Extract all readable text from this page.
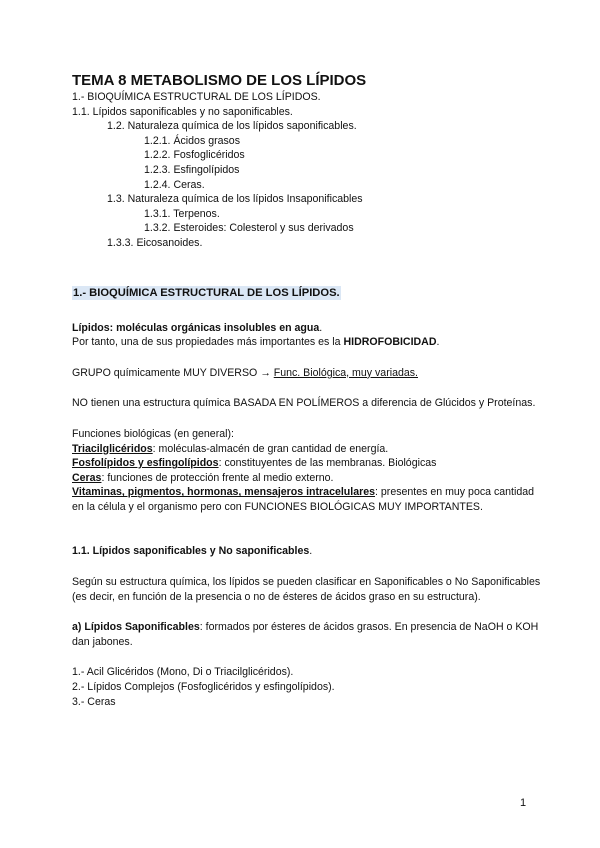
TEMA 8 METABOLISMO DE LOS LÍPIDOS
1.- BIOQUÍMICA ESTRUCTURAL DE LOS LÍPIDOS.
1.1. Lípidos saponificables y no saponificables.
1.2. Naturaleza química de los lípidos saponificables.
1.2.1. Ácidos grasos
1.2.2. Fosfoglicéridos
1.2.3. Esfingolípidos
1.2.4. Ceras.
1.3. Naturaleza química de los lípidos Insaponificables
1.3.1. Terpenos.
1.3.2. Esteroides: Colesterol y sus derivados
1.3.3. Eicosanoides.
1.- BIOQUÍMICA ESTRUCTURAL DE LOS LÍPIDOS.
Lípidos: moléculas orgánicas insolubles en agua.
Por tanto, una de sus propiedades más importantes es la HIDROFOBICIDAD.
GRUPO químicamente MUY DIVERSO → Func. Biológica, muy variadas.
NO tienen una estructura química BASADA EN POLÍMEROS a diferencia de Glúcidos y Proteínas.
Funciones biológicas (en general):
Triacilglicéridos: moléculas-almacén de gran cantidad de energía.
Fosfolípidos y esfingolípidos: constituyentes de las membranas. Biológicas
Ceras: funciones de protección frente al medio externo.
Vitaminas, pigmentos, hormonas, mensajeros intracelulares: presentes en muy poca cantidad en la célula y el organismo pero con FUNCIONES BIOLÓGICAS MUY IMPORTANTES.
1.1. Lípidos saponificables y No saponificables.
Según su estructura química, los lípidos se pueden clasificar en Saponificables o No Saponificables (es decir, en función de la presencia o no de ésteres de ácidos graso en su estructura).
a) Lípidos Saponificables: formados por ésteres de ácidos grasos. En presencia de NaOH o KOH dan jabones.
1.- Acil Glicéridos (Mono, Di o Triacilglicéridos).
2.- Lípidos Complejos (Fosfoglicéridos y esfingolípidos).
3.- Ceras
1
